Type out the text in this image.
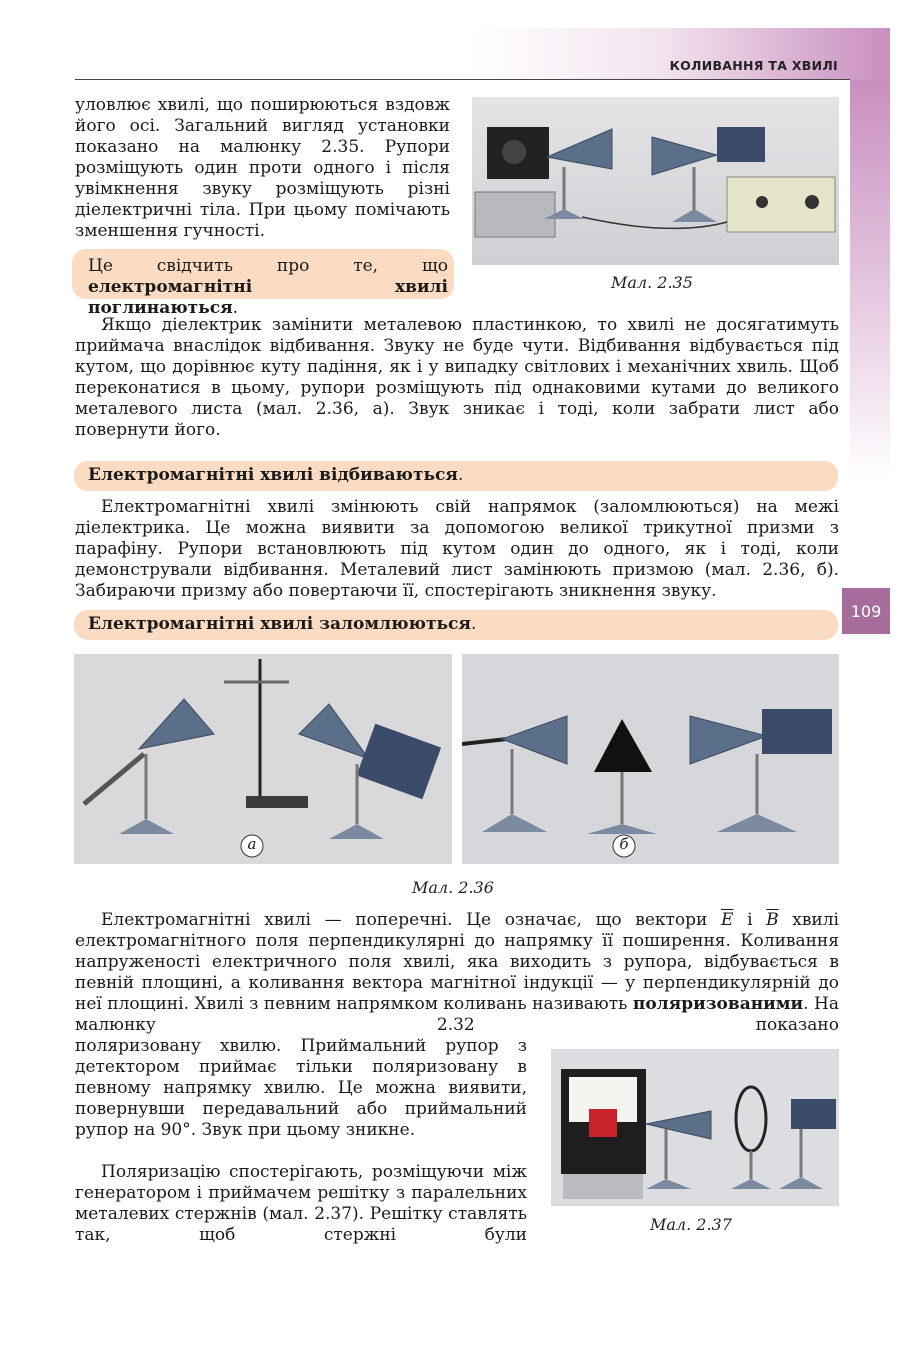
КОЛИВАННЯ ТА ХВИЛІ

уловлює хвилі, що поширюються вздовж його осі. Загальний вигляд установки показано на малюнку 2.35. Рупори розміщують один проти одного і після увімкнення звуку розміщують різні діелектричні тіла. При цьому помічають зменшення гучності.

Це свідчить про те, що електромагнітні хвилі поглинаються.

Мал. 2.35

Якщо діелектрик замінити металевою пластинкою, то хвилі не досягатимуть приймача внаслідок відбивання. Звуку не буде чути. Відбивання відбувається під кутом, що дорівнює куту падіння, як і у випадку світлових і механічних хвиль. Щоб переконатися в цьому, рупори розміщують під однаковими кутами до великого металевого листа (мал. 2.36, а). Звук зникає і тоді, коли забрати лист або повернути його.

Електромагнітні хвилі відбиваються.

Електромагнітні хвилі змінюють свій напрямок (заломлюються) на межі діелектрика. Це можна виявити за допомогою великої трикутної призми з парафіну. Рупори встановлюють під кутом один до одного, як і тоді, коли демонстрували відбивання. Металевий лист замінюють призмою (мал. 2.36, б). Забираючи призму або повертаючи її, спостерігають зникнення звуку.

109

Електромагнітні хвилі заломлюються.

а	б
Мал. 2.36

Електромагнітні хвилі — поперечні. Це означає, що вектори $\overline{E}$ і $\overline{B}$ хвилі електромагнітного поля перпендикулярні до напрямку її поширення. Коливання напруженості електричного поля хвилі, яка виходить з рупора, відбувається в певній площині, а коливання вектора магнітної індукції — у перпендикулярній до неї площині. Хвилі з певним напрямком коливань називають поляризованими. На малюнку 2.32 показано

поляризовану хвилю. Приймальний рупор з детектором приймає тільки поляризовану в певному напрямку хвилю. Це можна виявити, повернувши передавальний або приймальний рупор на 90°. Звук при цьому зникне.

Поляризацію спостерігають, розміщуючи між генератором і приймачем решітку з паралельних металевих стержнів (мал. 2.37). Решітку ставлять так, щоб стержні були

Мал. 2.37
